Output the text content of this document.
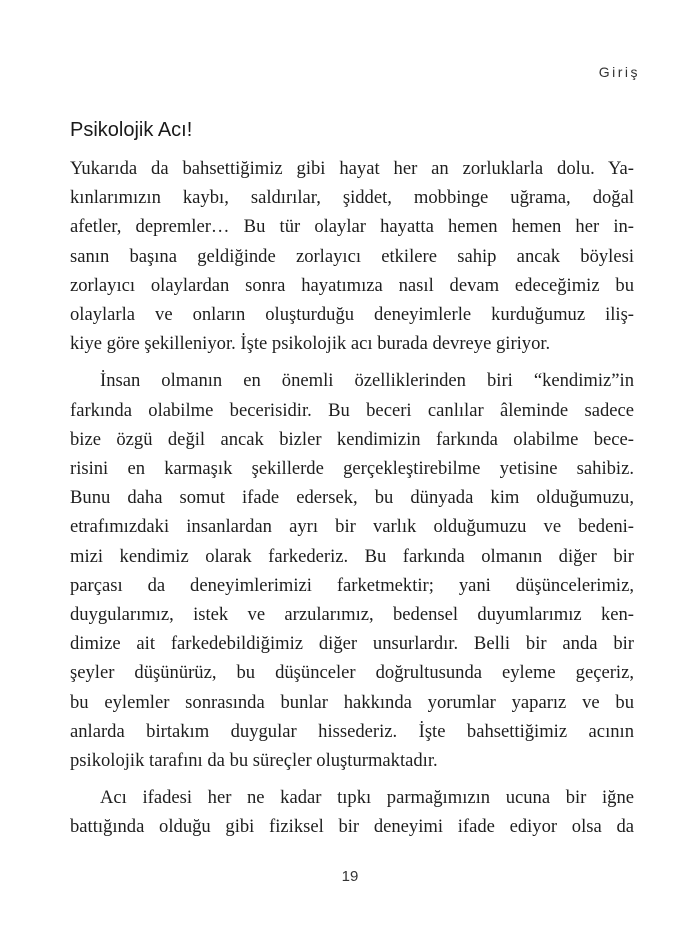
Giriş
Psikolojik Acı!

Yukarıda da bahsettiğimiz gibi hayat her an zorluklarla dolu. Ya-
kınlarımızın kaybı, saldırılar, şiddet, mobbinge uğrama, doğal
afetler, depremler… Bu tür olaylar hayatta hemen hemen her in-
sanın başına geldiğinde zorlayıcı etkilere sahip ancak böylesi
zorlayıcı olaylardan sonra hayatımıza nasıl devam edeceğimiz bu
olaylarla ve onların oluşturduğu deneyimlerle kurduğumuz iliş-
kiye göre şekilleniyor. İşte psikolojik acı burada devreye giriyor.

İnsan olmanın en önemli özelliklerinden biri “kendimiz”in
farkında olabilme becerisidir. Bu beceri canlılar âleminde sadece
bize özgü değil ancak bizler kendimizin farkında olabilme bece-
risini en karmaşık şekillerde gerçekleştirebilme yetisine sahibiz.
Bunu daha somut ifade edersek, bu dünyada kim olduğumuzu,
etrafımızdaki insanlardan ayrı bir varlık olduğumuzu ve bedeni-
mizi kendimiz olarak farkederiz. Bu farkında olmanın diğer bir
parçası da deneyimlerimizi farketmektir; yani düşüncelerimiz,
duygularımız, istek ve arzularımız, bedensel duyumlarımız ken-
dimize ait farkedebildiğimiz diğer unsurlardır. Belli bir anda bir
şeyler düşünürüz, bu düşünceler doğrultusunda eyleme geçeriz,
bu eylemler sonrasında bunlar hakkında yorumlar yaparız ve bu
anlarda birtakım duygular hissederiz. İşte bahsettiğimiz acının
psikolojik tarafını da bu süreçler oluşturmaktadır.

Acı ifadesi her ne kadar tıpkı parmağımızın ucuna bir iğne
battığında olduğu gibi fiziksel bir deneyimi ifade ediyor olsa da

19
